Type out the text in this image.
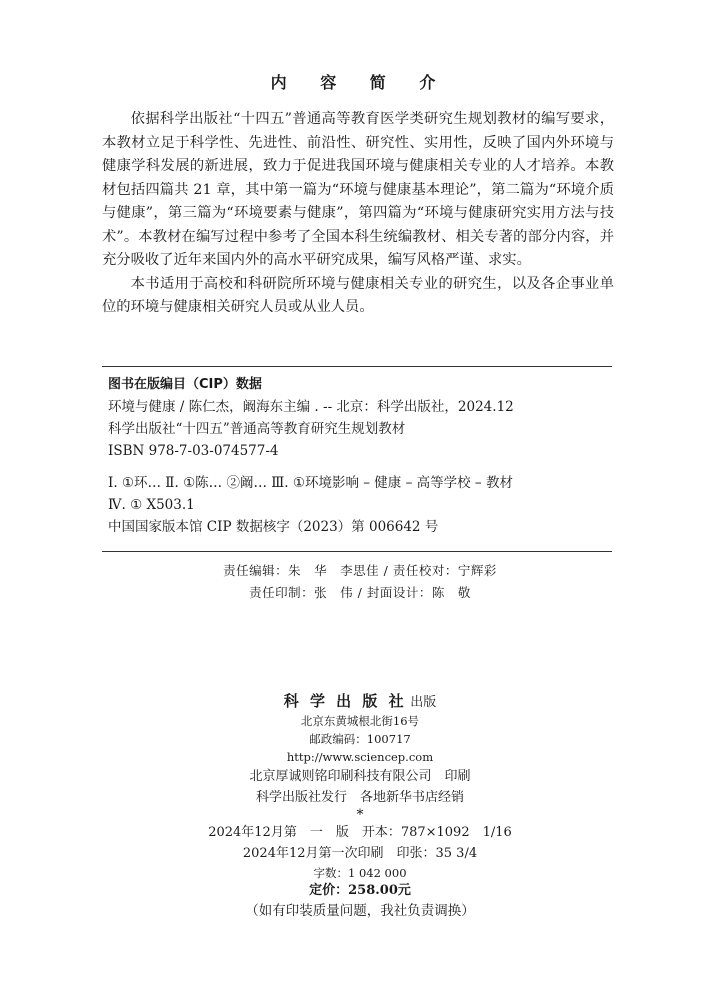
内 容 简 介

依据科学出版社“十四五”普通高等教育医学类研究生规划教材的编写要求，本教材立足于科学性、先进性、前沿性、研究性、实用性，反映了国内外环境与健康学科发展的新进展，致力于促进我国环境与健康相关专业的人才培养。本教材包括四篇共 21 章，其中第一篇为“环境与健康基本理论”，第二篇为“环境介质与健康”，第三篇为“环境要素与健康”，第四篇为“环境与健康研究实用方法与技术”。本教材在编写过程中参考了全国本科生统编教材、相关专著的部分内容，并充分吸收了近年来国内外的高水平研究成果，编写风格严谨、求实。

本书适用于高校和科研院所环境与健康相关专业的研究生，以及各企事业单位的环境与健康相关研究人员或从业人员。

图书在版编目（CIP）数据
环境与健康 / 陈仁杰，阚海东主编 . -- 北京：科学出版社，2024.12
科学出版社“十四五”普通高等教育研究生规划教材
ISBN 978-7-03-074577-4
Ⅰ. ①环… Ⅱ. ①陈… ②阚… Ⅲ. ①环境影响 – 健康 – 高等学校 – 教材
Ⅳ. ① X503.1
中国国家版本馆 CIP 数据核字（2023）第 006642 号
责任编辑：朱　华　李思佳 / 责任校对：宁辉彩
责任印制：张　伟 / 封面设计：陈　敬
科 学 出 版 社 出版
北京东黄城根北街16号
邮政编码：100717
http://www.sciencep.com
北京厚诚则铭印刷科技有限公司　印刷
科学出版社发行　各地新华书店经销
*
2024年12月第　一　版　开本：787×1092　1/16
2024年12月第一次印刷　印张：35 3/4
字数：1 042 000
定价：258.00元
（如有印装质量问题，我社负责调换）
